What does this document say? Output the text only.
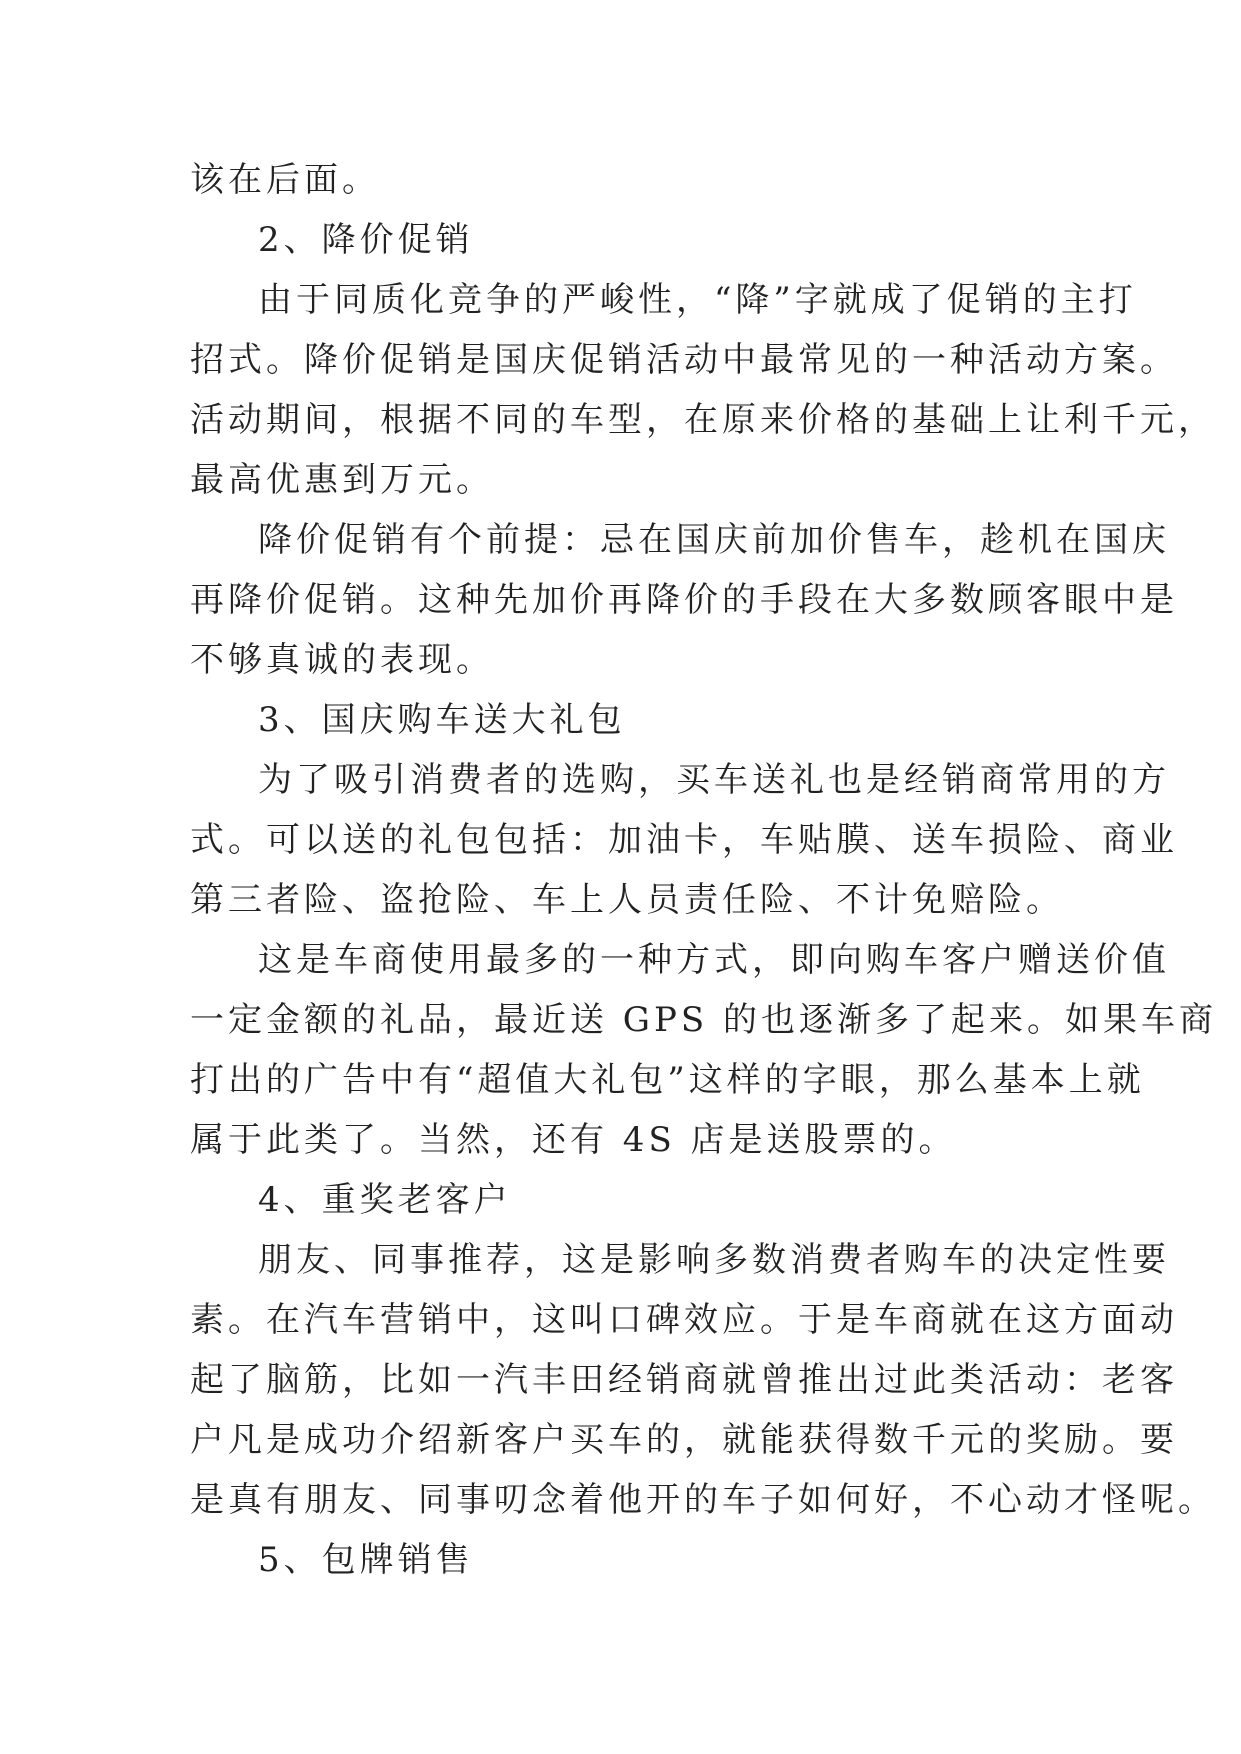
该在后面。

2、降价促销

由于同质化竞争的严峻性，“降”字就成了促销的主打

招式。降价促销是国庆促销活动中最常见的一种活动方案。

活动期间，根据不同的车型，在原来价格的基础上让利千元，

最高优惠到万元。

降价促销有个前提：忌在国庆前加价售车，趁机在国庆

再降价促销。这种先加价再降价的手段在大多数顾客眼中是

不够真诚的表现。

3、国庆购车送大礼包

为了吸引消费者的选购，买车送礼也是经销商常用的方

式。可以送的礼包包括：加油卡，车贴膜、送车损险、商业

第三者险、盗抢险、车上人员责任险、不计免赔险。

这是车商使用最多的一种方式，即向购车客户赠送价值

一定金额的礼品，最近送 GPS 的也逐渐多了起来。如果车商

打出的广告中有“超值大礼包”这样的字眼，那么基本上就

属于此类了。当然，还有 4S 店是送股票的。

4、重奖老客户

朋友、同事推荐，这是影响多数消费者购车的决定性要

素。在汽车营销中，这叫口碑效应。于是车商就在这方面动

起了脑筋，比如一汽丰田经销商就曾推出过此类活动：老客

户凡是成功介绍新客户买车的，就能获得数千元的奖励。要

是真有朋友、同事叨念着他开的车子如何好，不心动才怪呢。

5、包牌销售
